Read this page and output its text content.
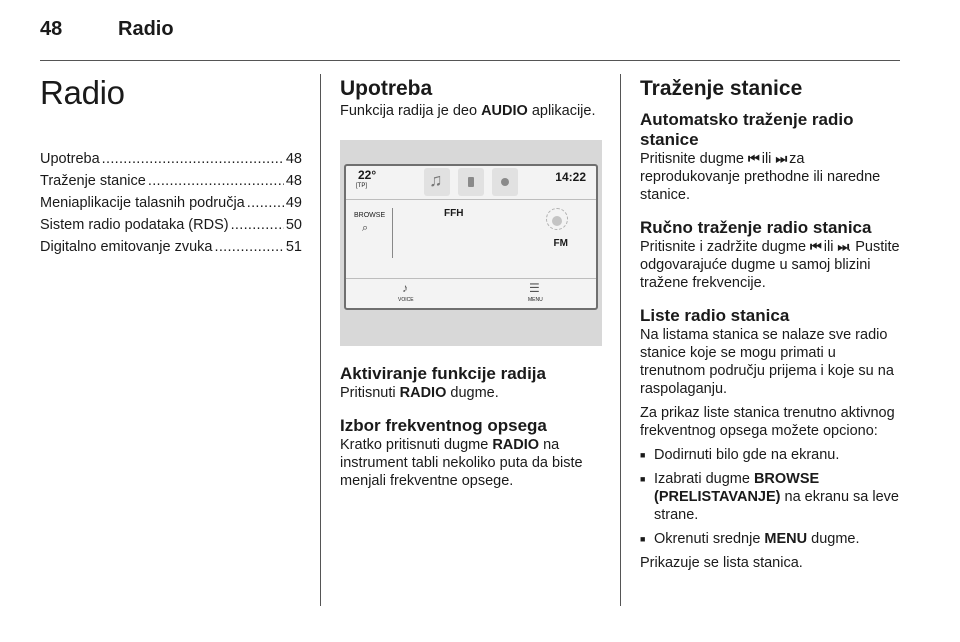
48	Radio
Radio
Upotreba .....	48
Traženje stanice .....	48
Meniaplikacije talasnih područja .....	49
Sistem radio podataka (RDS) .....	50
Digitalno emitovanje zvuka .....	51
Upotreba

Funkcija radija je deo AUDIO aplikacije.

22°
[TP]	♫	14:22
BROWSE
⌕
FFH
FM
♪
VOICE
☰
MENU
Aktiviranje funkcije radija

Pritisnuti RADIO dugme.

Izbor frekventnog opsega

Kratko pritisnuti dugme RADIO na instrument tabli nekoliko puta da biste menjali frekventne opsege.

Traženje stanice
Automatsko traženje radio stanice

Pritisnite dugme ⏮ ili ⏭ za reprodukovanje prethodne ili naredne stanice.

Ručno traženje radio stanica

Pritisnite i zadržite dugme ⏮ ili ⏭. Pustite odgovarajuće dugme u samoj blizini tražene frekvencije.

Liste radio stanica

Na listama stanica se nalaze sve radio stanice koje se mogu primati u trenutnom području prijema i koje su na raspolaganju.

Za prikaz liste stanica trenutno aktivnog frekventnog opsega možete opciono:

■ Dodirnuti bilo gde na ekranu.
■ Izabrati dugme BROWSE (PRELISTAVANJE) na ekranu sa leve strane.
■ Okrenuti srednje MENU dugme.

Prikazuje se lista stanica.
